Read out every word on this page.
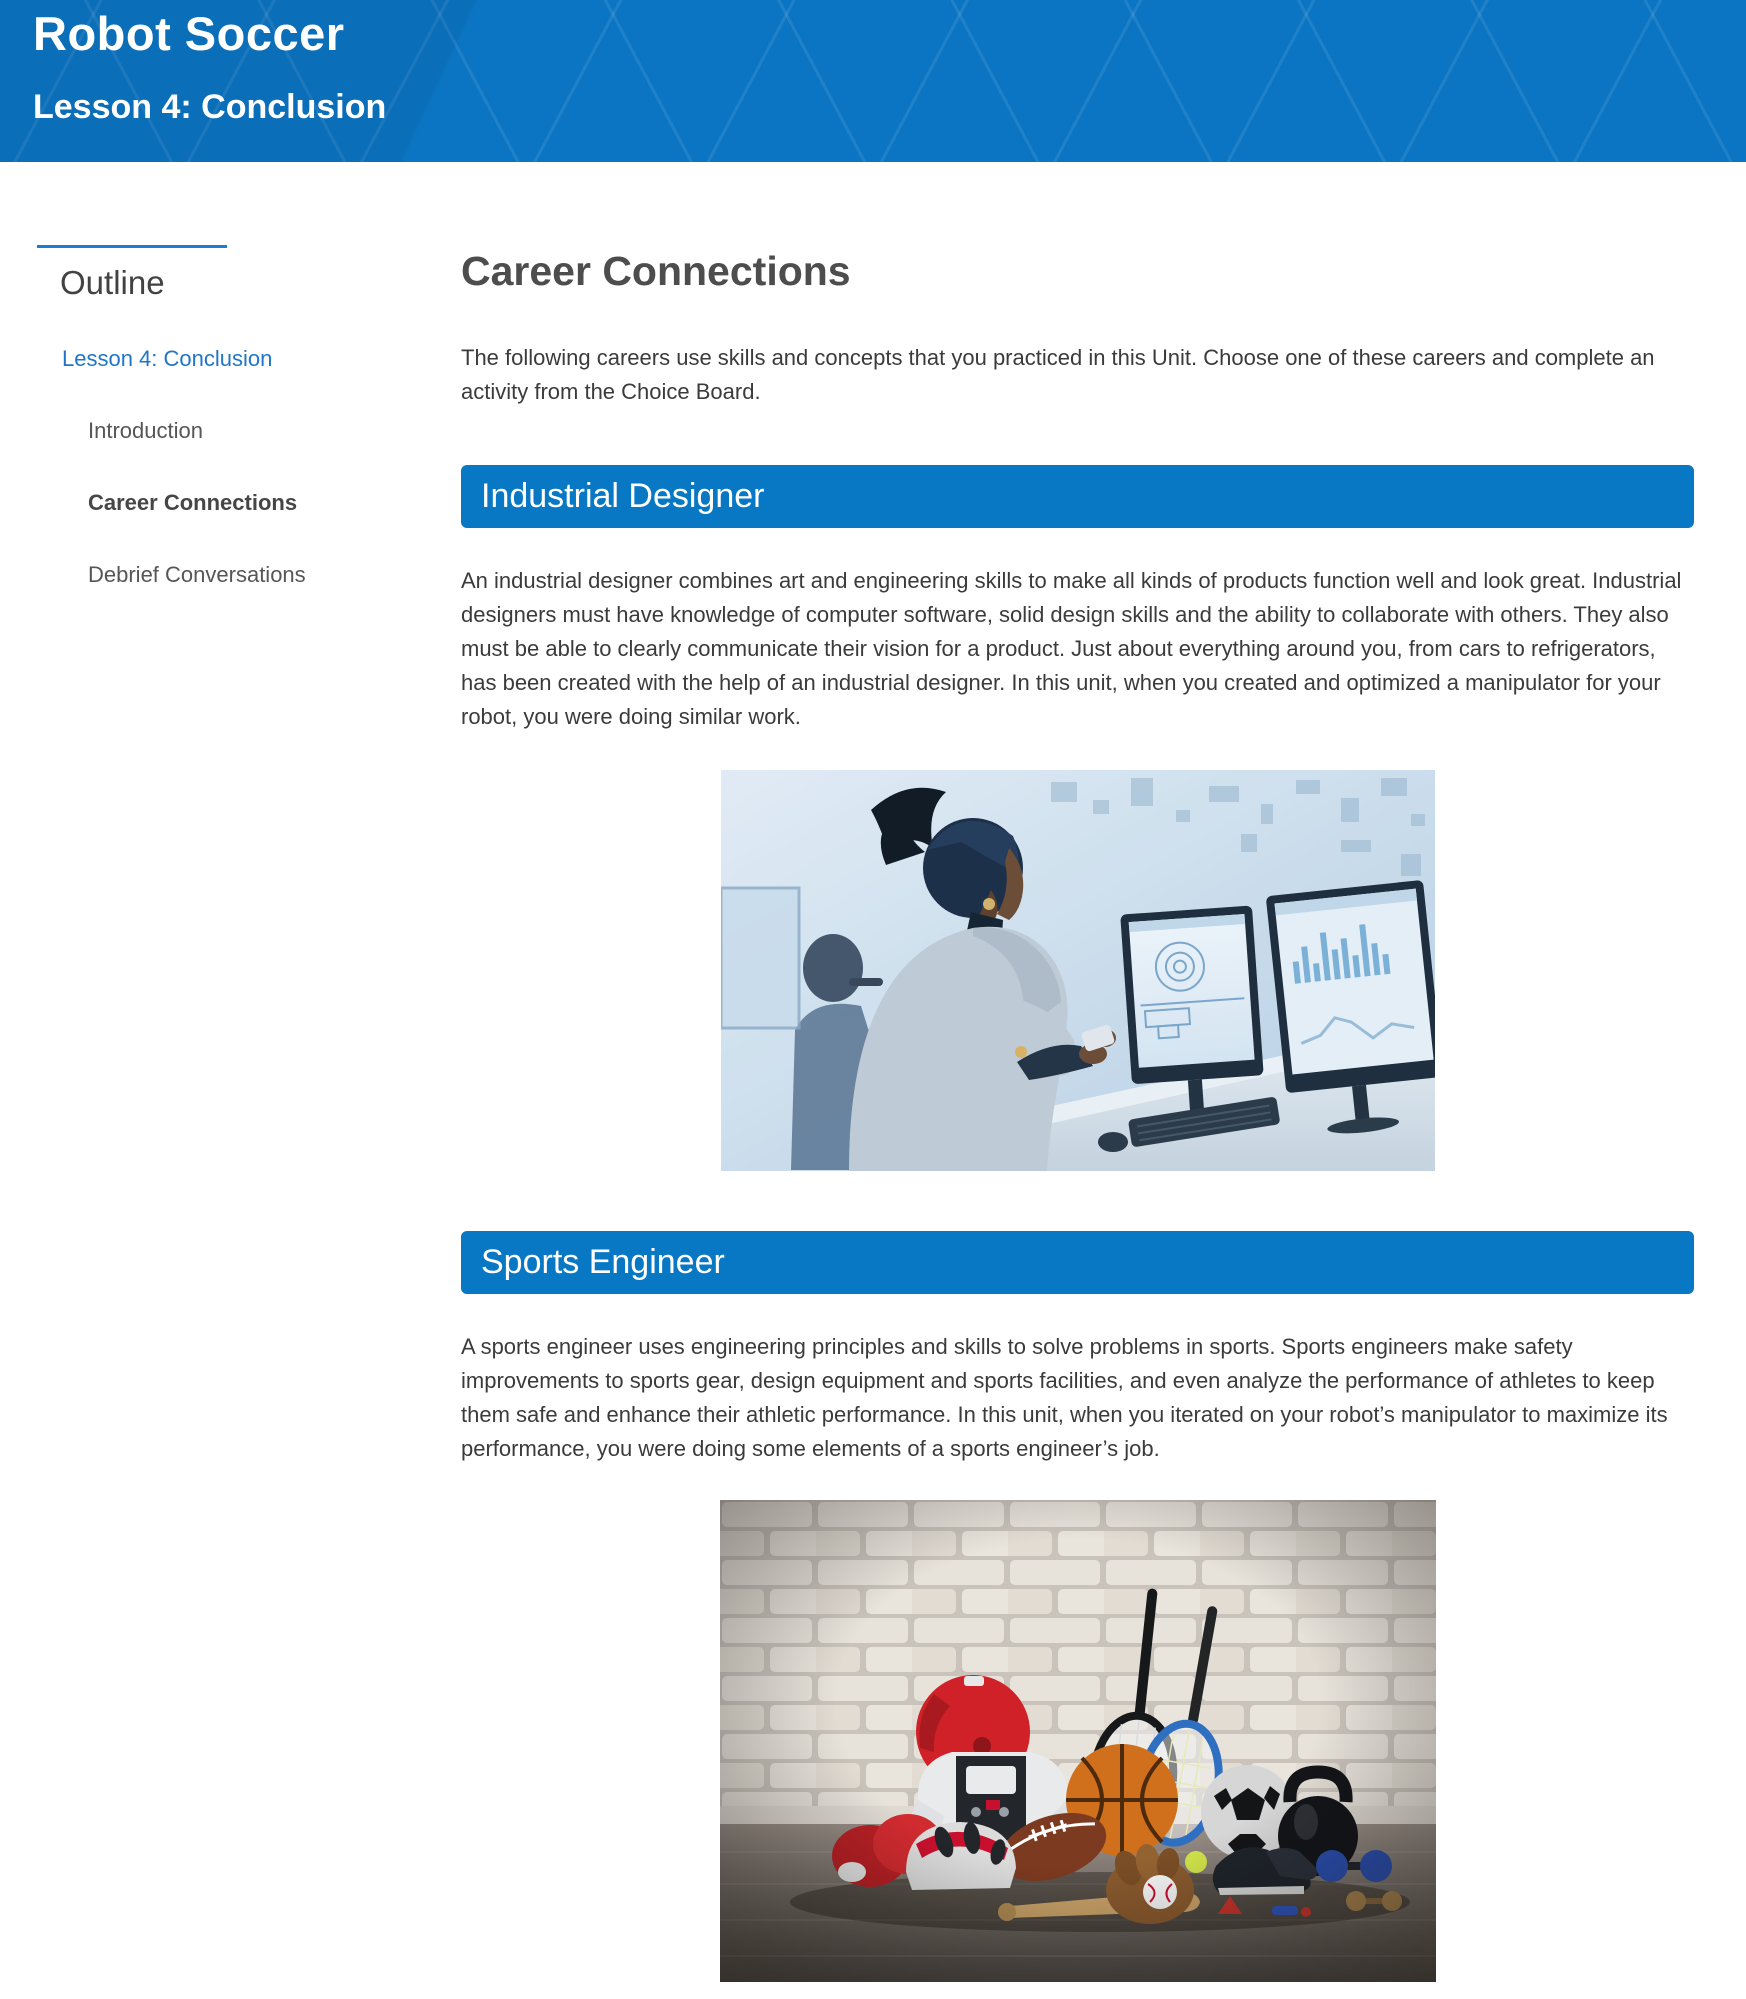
Robot Soccer
Lesson 4: Conclusion
Outline
Lesson 4: Conclusion
Introduction
Career Connections
Debrief Conversations
Career Connections

The following careers use skills and concepts that you practiced in this Unit. Choose one of these careers and complete an activity from the Choice Board.

Industrial Designer

An industrial designer combines art and engineering skills to make all kinds of products function well and look great. Industrial designers must have knowledge of computer software, solid design skills and the ability to collaborate with others. They also must be able to clearly communicate their vision for a product. Just about everything around you, from cars to refrigerators, has been created with the help of an industrial designer. In this unit, when you created and optimized a manipulator for your robot, you were doing similar work.

Sports Engineer

A sports engineer uses engineering principles and skills to solve problems in sports. Sports engineers make safety improvements to sports gear, design equipment and sports facilities, and even analyze the performance of athletes to keep them safe and enhance their athletic performance. In this unit, when you iterated on your robot’s manipulator to maximize its performance, you were doing some elements of a sports engineer’s job.
